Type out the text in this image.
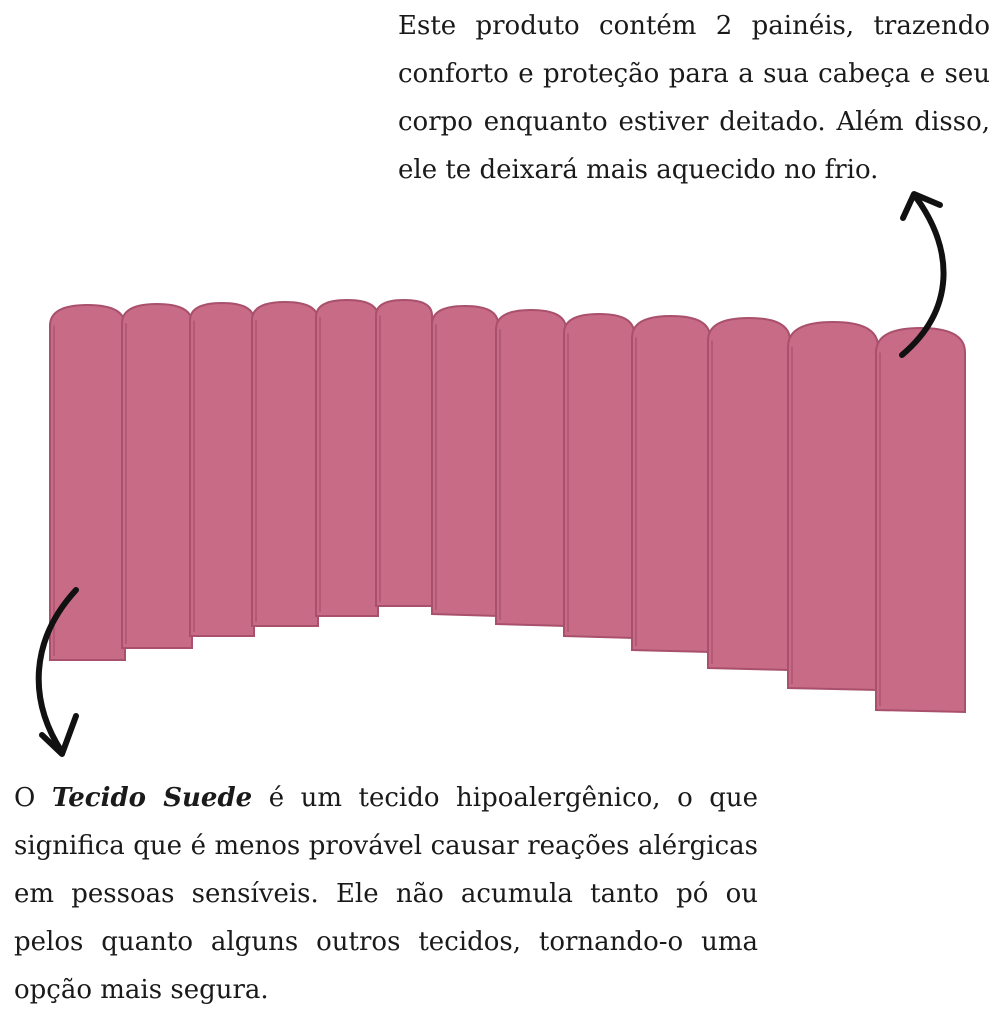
Este produto contém 2 painéis, trazendo conforto e proteção para a sua cabeça e seu corpo enquanto estiver deitado. Além disso, ele te deixará mais aquecido no frio.

O Tecido Suede é um tecido hipoalergênico, o que significa que é menos provável causar reações alérgicas em pessoas sensíveis. Ele não acumula tanto pó ou pelos quanto alguns outros tecidos, tornando-o uma opção mais segura.
